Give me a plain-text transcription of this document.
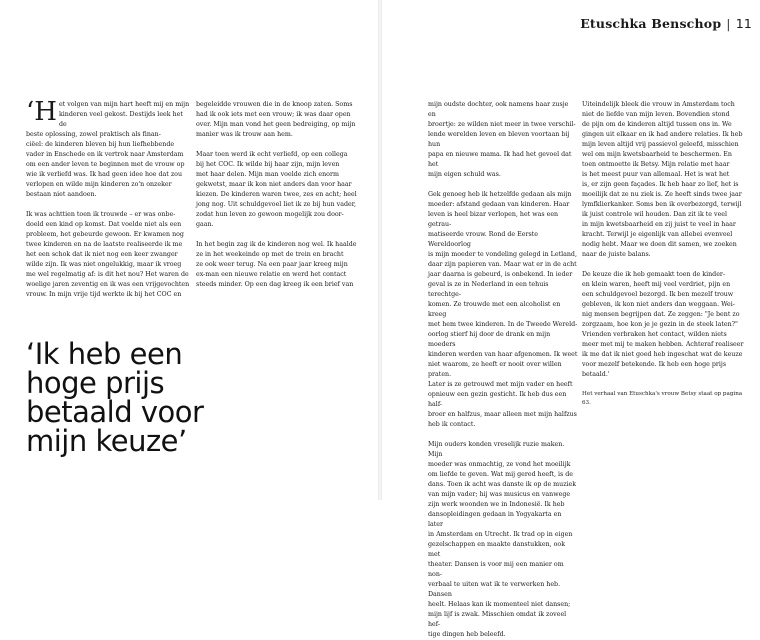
Etuschka Benschop | 11

‘Het volgen van mijn hart heeft mij en mijn
kinderen veel gekost. Destijds leek het de
beste oplossing, zowel praktisch als finan-
ciëel: de kinderen bleven bij hun liefhebbende
vader in Enschede en ik vertrok naar Amsterdam
om een ander leven te beginnen met de vrouw op
wie ik verliefd was. Ik had geen idee hoe dat zou
verlopen en wilde mijn kinderen zo'n onzeker
bestaan niet aandoen.

Ik was achttien toen ik trouwde – er was onbe-
doeld een kind op komst. Dat voelde niet als een
probleem, het gebeurde gewoon. Er kwamen nog
twee kinderen en na de laatste realiseerde ik me
het een schok dat ik niet nog een keer zwanger
wilde zijn. Ik was niet ongelukkig, maar ik vroeg
me wel regelmatig af: is dit het nou? Het waren de
woelige jaren zeventig en ik was een vrijgevochten
vrouw. In mijn vrije tijd werkte ik bij het COC en

begeleidde vrouwen die in de knoop zaten. Soms
had ik ook iets met een vrouw; ik was daar open
over. Mijn man vond het geen bedreiging, op mijn
manier was ik trouw aan hem.

Maar toen werd ik echt verliefd, op een collega
bij het COC. Ik wilde bij haar zijn, mijn leven
met haar delen. Mijn man voelde zich enorm
gekwetst, maar ik kon niet anders dan voor haar
kiezen. De kinderen waren twee, zes en acht; heel
jong nog. Uit schuldgevoel liet ik ze bij hun vader,
zodat hun leven zo gewoon mogelijk zou door-
gaan.

In het begin zag ik de kinderen nog wel. Ik haalde
ze in het weekeinde op met de trein en bracht
ze ook weer terug. Na een paar jaar kreeg mijn
ex-man een nieuwe relatie en werd het contact
steeds minder. Op een dag kreeg ik een brief van

‘Ik heb een
hoge prijs
betaald voor
mijn keuze’

mijn oudste dochter, ook namens haar zusje en
broertje: ze wilden niet meer in twee verschil-
lende werelden leven en bleven voortaan bij hun
papa en nieuwe mama. Ik had het gevoel dat het
mijn eigen schuld was.

Gek genoeg heb ik hetzelfde gedaan als mijn
moeder: afstand gedaan van kinderen. Haar
leven is heel bizar verlopen, het was een getrau-
matiseerde vrouw. Rond de Eerste Wereldoorlog
is mijn moeder te vondeling gelegd in Letland,
daar zijn papieren van. Maar wat er in de acht
jaar daarna is gebeurd, is onbekend. In ieder
geval is ze in Nederland in een tehuis terechtge-
komen. Ze trouwde met een alcoholist en kreeg
met hem twee kinderen. In de Tweede Wereld-
oorlog stierf hij door de drank en mijn moeders
kinderen werden van haar afgenomen. Ik weet
niet waarom, ze heeft er nooit over willen praten.
Later is ze getrouwd met mijn vader en heeft
opnieuw een gezin gesticht. Ik heb dus een half-
broer en halfzus, maar alleen met mijn halfzus
heb ik contact.

Mijn ouders konden vreselijk ruzie maken. Mijn
moeder was onmachtig, ze vond het moeilijk
om liefde te geven. Wat mij gered heeft, is de
dans. Toen ik acht was danste ik op de muziek
van mijn vader; hij was musicus en vanwege
zijn werk woonden we in Indonesië. Ik heb
dansopleidingen gedaan in Yogyakarta en later
in Amsterdam en Utrecht. Ik trad op in eigen
gezelschappen en maakte danstukken, ook met
theater. Dansen is voor mij een manier om non-
verbaal te uiten wat ik te verwerken heb. Dansen
heelt. Helaas kan ik momenteel niet dansen;
mijn lijf is zwak. Misschien omdat ik zoveel hef-
tige dingen heb beleefd.

Uiteindelijk bleek die vrouw in Amsterdam toch
niet de liefde van mijn leven. Bovendien stond
de pijn om de kinderen altijd tussen ons in. We
gingen uit elkaar en ik had andere relaties. Ik heb
mijn leven altijd vrij passievol geleefd, misschien
wel om mijn kwetsbaarheid te beschermen. En
toen ontmoette ik Betsy. Mijn relatie met haar
is het meest puur van allemaal. Het is wat het
is, er zijn geen façades. Ik heb haar zo lief, het is
moeilijk dat ze nu ziek is. Ze heeft sinds twee jaar
lymfklierkanker. Soms ben ik overbezorgd, terwijl
ik juist controle wil houden. Dan zit ik te veel
in mijn kwetsbaarheid en zij juist te veel in haar
kracht. Terwijl je eigenlijk van allebei evenveel
nodig hebt. Maar we doen dit samen, we zoeken
naar de juiste balans.

De keuze die ik heb gemaakt toen de kinder-
en klein waren, heeft mij veel verdriet, pijn en
een schuldgevoel bezorgd. Ik ben mezelf trouw
gebleven, ik kon niet anders dan weggaan. Wei-
nig mensen begrijpen dat. Ze zeggen: "Je bent zo
zorgzaam, hoe kon je je gezin in de steek laten?"
Vrienden verbraken het contact, wilden niets
meer met mij te maken hebben. Achteraf realiseer
ik me dat ik niet goed heb ingeschat wat de keuze
voor mezelf betekende. Ik heb een hoge prijs
betaald.'

Het verhaal van Etuschka's vrouw Betsy staat op pagina 63.
